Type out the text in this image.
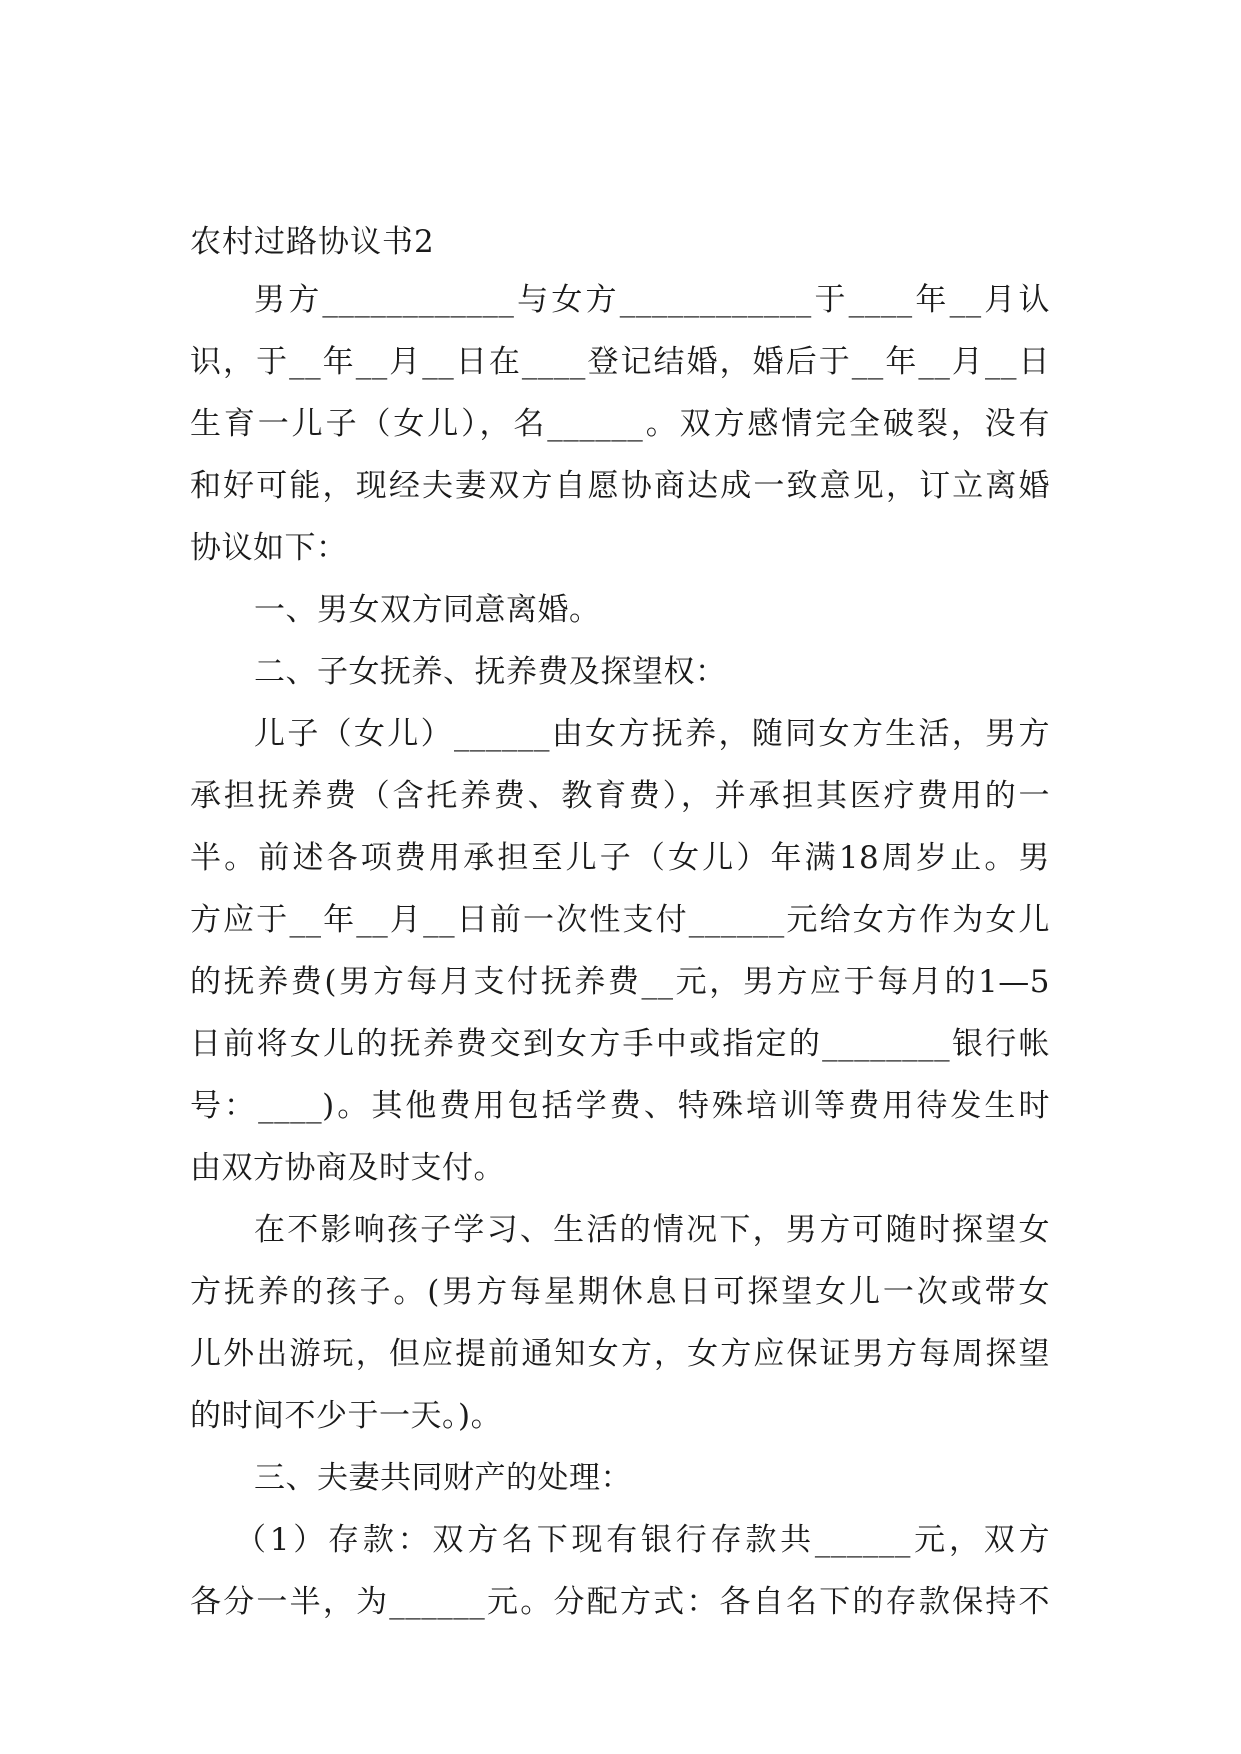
农村过路协议书2
男方____________与女方____________于____年__月认
识，于__年__月__日在____登记结婚，婚后于__年__月__日
生育一儿子（女儿），名______。双方感情完全破裂，没有
和好可能，现经夫妻双方自愿协商达成一致意见，订立离婚
协议如下：
一、男女双方同意离婚。
二、子女抚养、抚养费及探望权：
儿子（女儿）______由女方抚养，随同女方生活，男方
承担抚养费（含托养费、教育费），并承担其医疗费用的一
半。前述各项费用承担至儿子（女儿）年满18周岁止。男
方应于__年__月__日前一次性支付______元给女方作为女儿
的抚养费(男方每月支付抚养费__元，男方应于每月的1—5
日前将女儿的抚养费交到女方手中或指定的________银行帐
号：____)。其他费用包括学费、特殊培训等费用待发生时
由双方协商及时支付。
在不影响孩子学习、生活的情况下，男方可随时探望女
方抚养的孩子。(男方每星期休息日可探望女儿一次或带女
儿外出游玩，但应提前通知女方，女方应保证男方每周探望
的时间不少于一天。)。
三、夫妻共同财产的处理：
（1）存款：双方名下现有银行存款共______元，双方
各分一半，为______元。分配方式：各自名下的存款保持不
